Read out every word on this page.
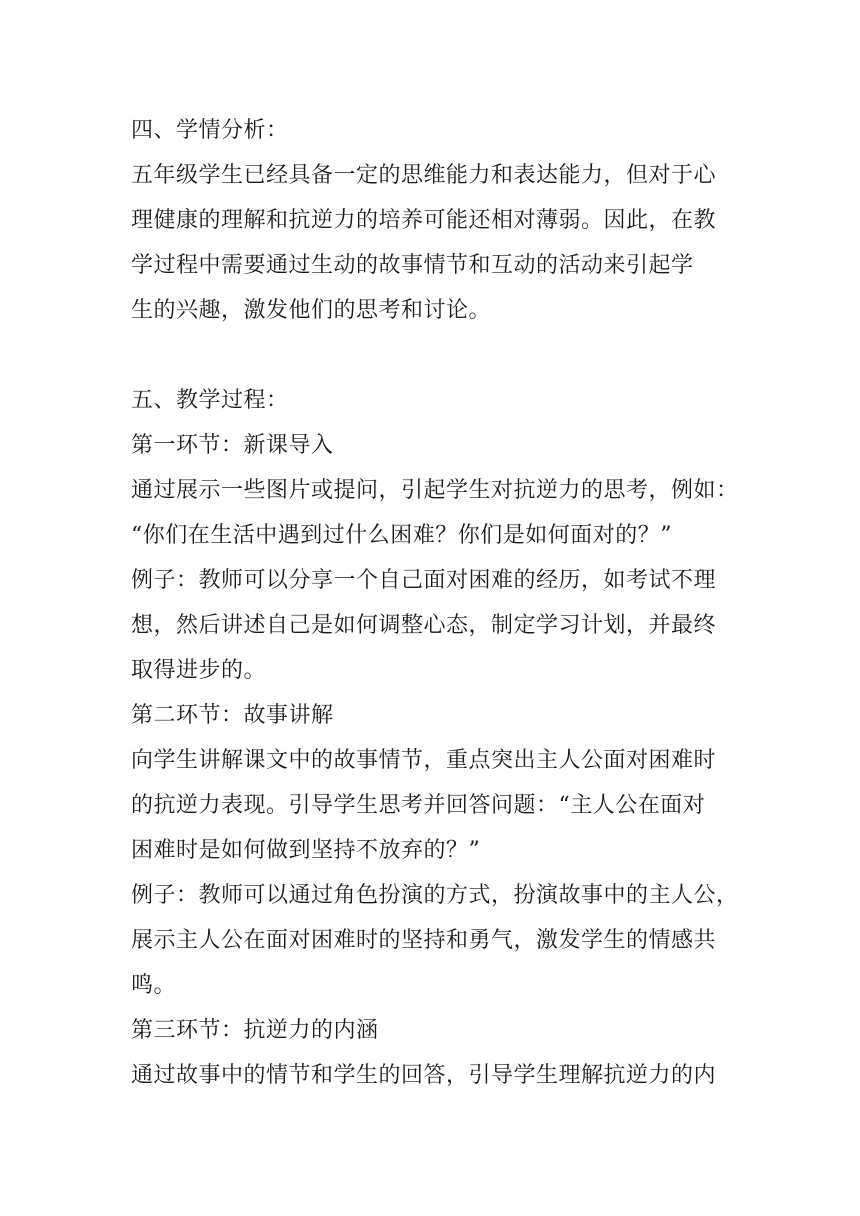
四、学情分析：
五年级学生已经具备一定的思维能力和表达能力，但对于心
理健康的理解和抗逆力的培养可能还相对薄弱。因此，在教
学过程中需要通过生动的故事情节和互动的活动来引起学
生的兴趣，激发他们的思考和讨论。
五、教学过程：
第一环节：新课导入
通过展示一些图片或提问，引起学生对抗逆力的思考，例如：
“你们在生活中遇到过什么困难？你们是如何面对的？”
例子：教师可以分享一个自己面对困难的经历，如考试不理
想，然后讲述自己是如何调整心态，制定学习计划，并最终
取得进步的。
第二环节：故事讲解
向学生讲解课文中的故事情节，重点突出主人公面对困难时
的抗逆力表现。引导学生思考并回答问题：“主人公在面对
困难时是如何做到坚持不放弃的？”
例子：教师可以通过角色扮演的方式，扮演故事中的主人公，
展示主人公在面对困难时的坚持和勇气，激发学生的情感共
鸣。
第三环节：抗逆力的内涵
通过故事中的情节和学生的回答，引导学生理解抗逆力的内
